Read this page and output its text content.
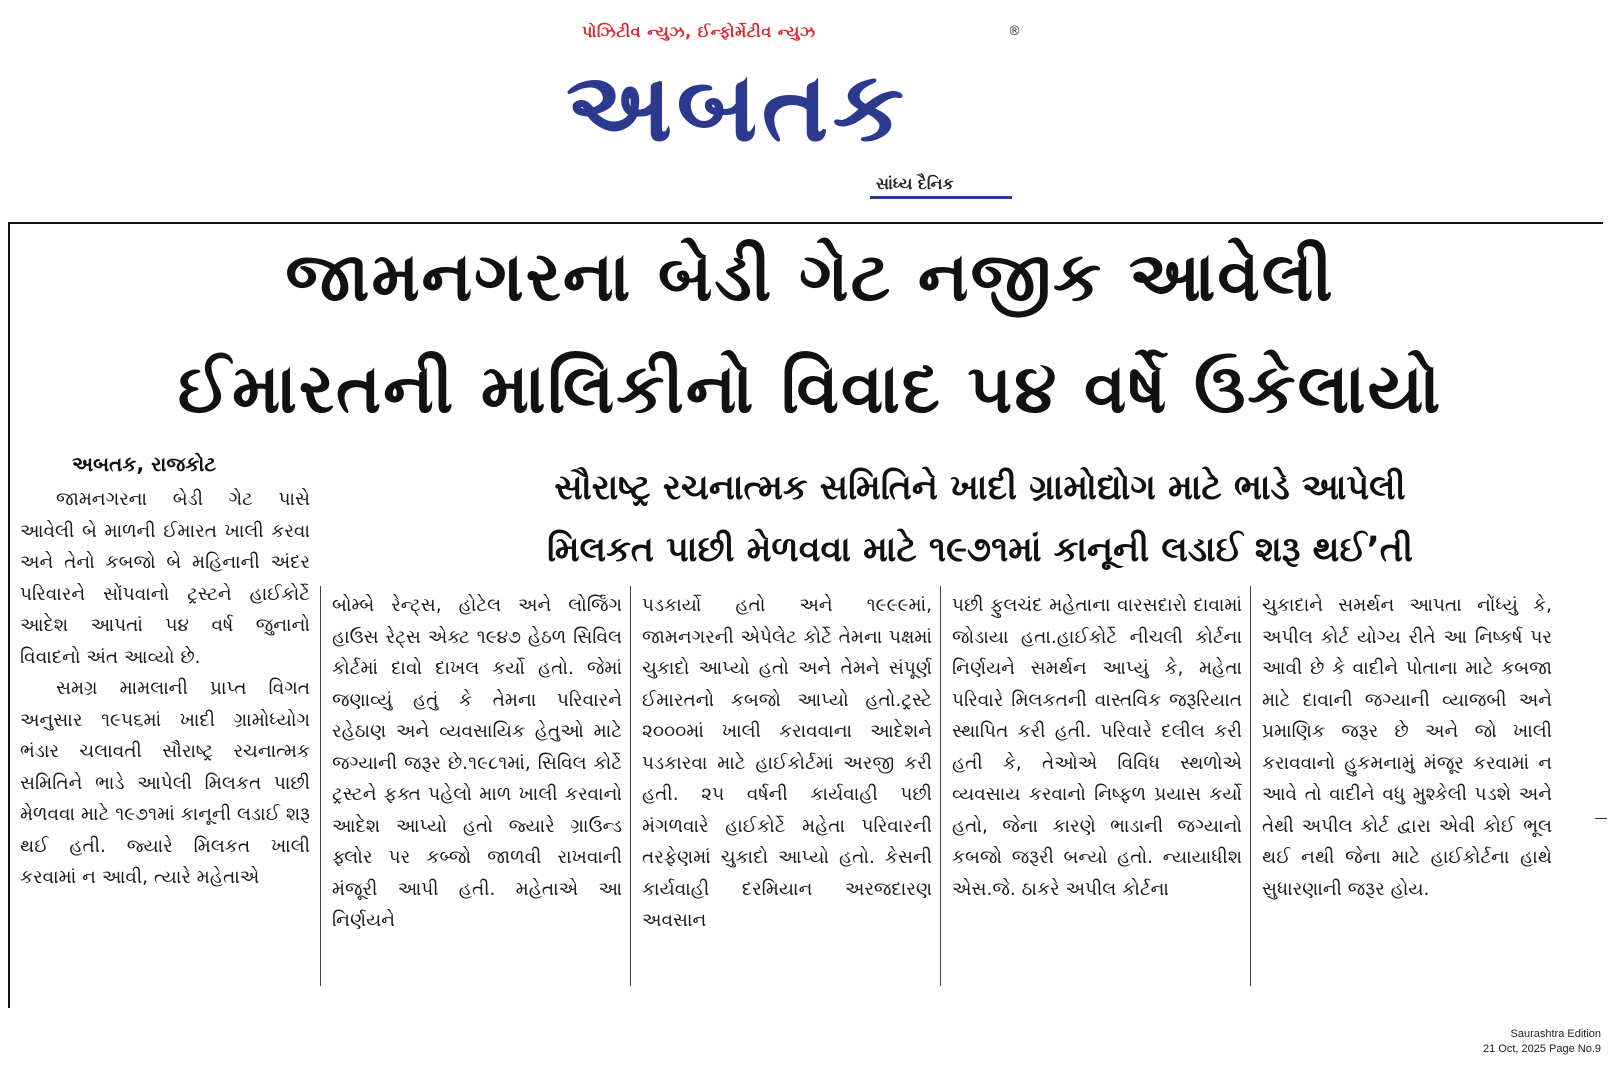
પોઝિટીવ ન્યુઝ, ઈન્ફોર્મેટીવ ન્યુઝ	®
અબતક
સાંધ્ય દૈનિક
જામનગરના બેડી ગેટ નજીક આવેલી
ઈમારતની માલિકીનો વિવાદ ૫૪ વર્ષે ઉકેલાયો
સૌરાષ્ટ્ર રચનાત્મક સમિતિને ખાદી ગ્રામોદ્યોગ માટે ભાડે આપેલી
મિલકત પાછી મેળવવા માટે ૧૯૭૧માં કાનૂની લડાઈ શરૂ થઈ’તી
અબતક, રાજકોટ

જામનગરના બેડી ગેટ પાસે આવેલી બે માળની ઈમારત ખાલી કરવા અને તેનો કબજો બે મહિનાની અંદર પરિવારને સોંપવાનો ટ્રસ્ટને હાઈકોર્ટે આદેશ આપતાં ૫૪ વર્ષ જુનાનો વિવાદનો અંત આવ્યો છે.

સમગ્ર મામલાની પ્રાપ્ત વિગત અનુસાર ૧૯૫૬માં ખાદી ગ્રામોધ્યોગ ભંડાર ચલાવતી સૌરાષ્ટ્ર રચનાત્મક સમિતિને ભાડે આપેલી મિલકત પાછી મેળવવા માટે ૧૯૭૧માં કાનૂની લડાઈ શરૂ થઈ હતી. જ્યારે મિલકત ખાલી કરવામાં ન આવી, ત્યારે મહેતાએ

બોમ્બે રેન્ટ્સ, હોટેલ અને લોર્જિંગ હાઉસ રેટ્સ એક્ટ ૧૯૪૭ હેઠળ સિવિલ કોર્ટમાં દાવો દાખલ કર્યો હતો. જેમાં જણાવ્યું હતું કે તેમના પરિવારને રહેઠાણ અને વ્યવસાયિક હેતુઓ માટે જગ્યાની જરૂર છે.૧૯૮૧માં, સિવિલ કોર્ટે ટ્રસ્ટને ફક્ત પહેલો માળ ખાલી કરવાનો આદેશ આપ્યો હતો જ્યારે ગ્રાઉન્ડ ફ્લોર પર કબ્જો જાળવી રાખવાની મંજૂરી આપી હતી. મહેતાએ આ નિર્ણયને

પડકાર્યો હતો અને ૧૯૯૯માં, જામનગરની એપેલેટ કોર્ટે તેમના પક્ષમાં ચુકાદો આપ્યો હતો અને તેમને સંપૂર્ણ ઈમારતનો કબજો આપ્યો હતો.ટ્રસ્ટે ૨૦૦૦માં ખાલી કરાવવાના આદેશને પડકારવા માટે હાઈકોર્ટમાં અરજી કરી હતી. ૨૫ વર્ષની કાર્યવાહી પછી મંગળવારે હાઈકોર્ટે મહેતા પરિવારની તરફેણમાં ચુકાદો આપ્યો હતો. કેસની કાર્યવાહી દરમિયાન અરજદારણ અવસાન

પછી ફુલચંદ મહેતાના વારસદારો દાવામાં જોડાયા હતા.હાઈકોર્ટે નીચલી કોર્ટના નિર્ણયને સમર્થન આપ્યું કે, મહેતા પરિવારે મિલકતની વાસ્તવિક જરૂરિયાત સ્થાપિત કરી હતી. પરિવારે દલીલ કરી હતી કે, તેઓએ વિવિધ સ્થળોએ વ્યવસાય કરવાનો નિષ્ફળ પ્રયાસ કર્યો હતો, જેના કારણે ભાડાની જગ્યાનો કબજો જરૂરી બન્યો હતો. ન્યાયાધીશ એસ.જે. ઠાકરે અપીલ કોર્ટના

ચુકાદાને સમર્થન આપતા નોંધ્યું કે, અપીલ કોર્ટ યોગ્ય રીતે આ નિષ્કર્ષ પર આવી છે કે વાદીને પોતાના માટે કબજા માટે દાવાની જગ્યાની વ્યાજબી અને પ્રમાણિક જરૂર છે અને જો ખાલી કરાવવાનો હુકમનામું મંજૂર કરવામાં ન આવે તો વાદીને વધુ મુશ્કેલી પડશે અને તેથી અપીલ કોર્ટ દ્વારા એવી કોઈ ભૂલ થઈ નથી જેના માટે હાઈકોર્ટના હાથે સુધારણાની જરૂર હોય.

Saurashtra Edition
21 Oct, 2025 Page No.9
